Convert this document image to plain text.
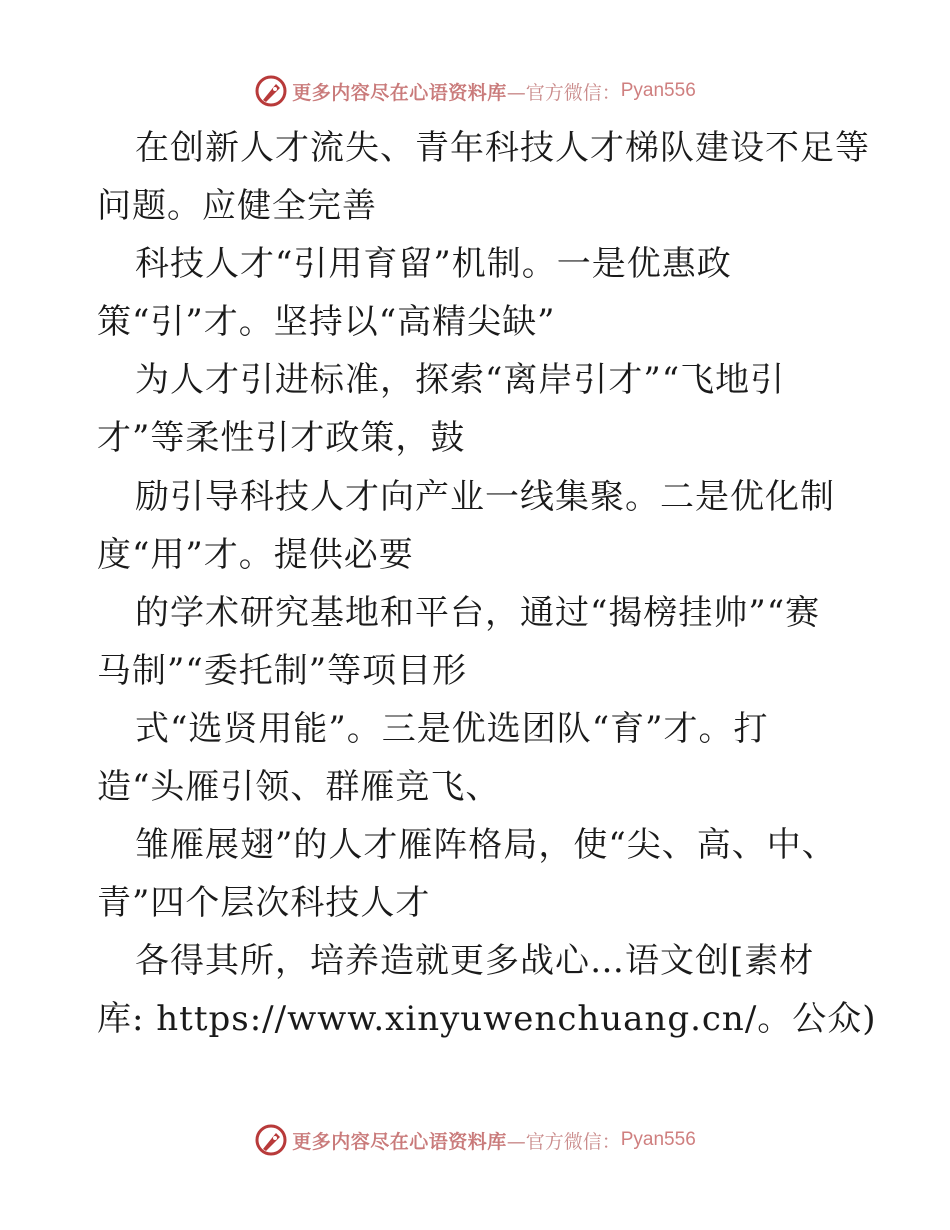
更多内容尽在心语资料库 —官方微信： Pyan556
在创新人才流失、青年科技人才梯队建设不足等
问题。应健全完善
科技人才“引用育留”机制。一是优惠政
策“引”才。坚持以“高精尖缺”
为人才引进标准，探索“离岸引才”“飞地引
才”等柔性引才政策，鼓
励引导科技人才向产业一线集聚。二是优化制
度“用”才。提供必要
的学术研究基地和平台，通过“揭榜挂帅”“赛
马制”“委托制”等项目形
式“选贤用能”。三是优选团队“育”才。打
造“头雁引领、群雁竞飞、
雏雁展翅”的人才雁阵格局，使“尖、高、中、
青”四个层次科技人才
各得其所，培养造就更多战心…语文创[素材
库: https://www.xinyuwenchuang.cn/。公众)
更多内容尽在心语资料库 —官方微信： Pyan556
